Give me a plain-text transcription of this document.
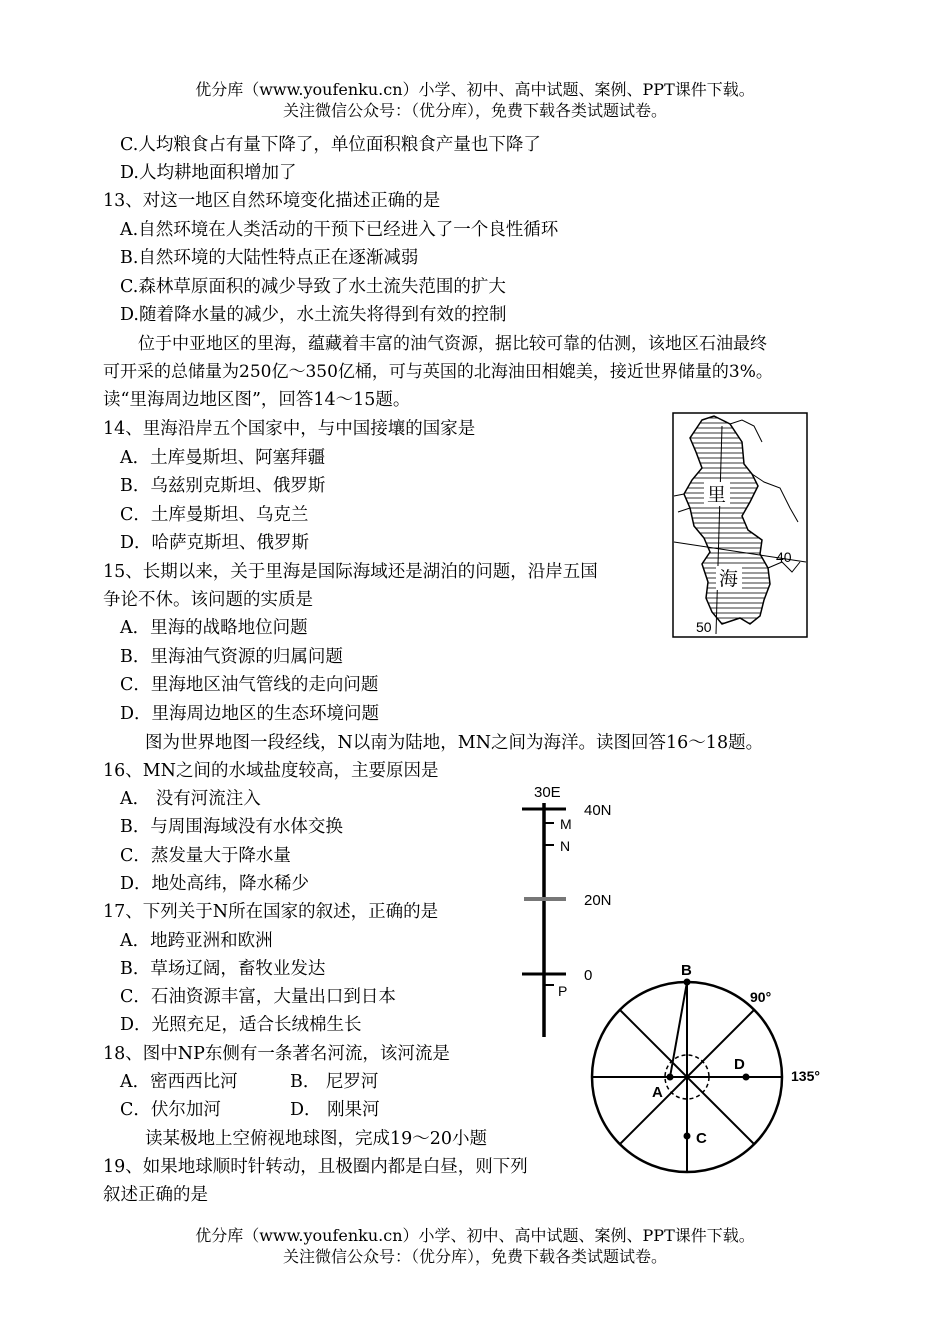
优分库（www.youfenku.cn）小学、初中、高中试题、案例、PPT课件下载。
关注微信公众号：（优分库），免费下载各类试题试卷。
C.人均粮食占有量下降了，单位面积粮食产量也下降了
D.人均耕地面积增加了
13、对这一地区自然环境变化描述正确的是
A.自然环境在人类活动的干预下已经进入了一个良性循环
B.自然环境的大陆性特点正在逐渐减弱
C.森林草原面积的减少导致了水土流失范围的扩大
D.随着降水量的减少，水土流失将得到有效的控制
位于中亚地区的里海，蕴藏着丰富的油气资源，据比较可靠的估测，该地区石油最终
可开采的总储量为250亿～350亿桶，可与英国的北海油田相媲美，接近世界储量的3%。
读“里海周边地区图”，回答14～15题。
14、里海沿岸五个国家中，与中国接壤的国家是
A．土库曼斯坦、阿塞拜疆
B．乌兹别克斯坦、俄罗斯
C．土库曼斯坦、乌克兰
D．哈萨克斯坦、俄罗斯
15、长期以来，关于里海是国际海域还是湖泊的问题，沿岸五国
争论不休。该问题的实质是
A．里海的战略地位问题
B．里海油气资源的归属问题
C．里海地区油气管线的走向问题
D．里海周边地区的生态环境问题
里
海
40
50
图为世界地图一段经线，N以南为陆地，MN之间为海洋。读图回答16～18题。
16、MN之间的水域盐度较高，主要原因是
A． 没有河流注入
B．与周围海域没有水体交换
C．蒸发量大于降水量
D．地处高纬，降水稀少
17、下列关于N所在国家的叙述，正确的是
A．地跨亚洲和欧洲
B．草场辽阔，畜牧业发达
C．石油资源丰富，大量出口到日本
D．光照充足，适合长绒棉生长
18、图中NP东侧有一条著名河流，该河流是
A．密西西比河	B． 尼罗河
C．伏尔加河	D． 刚果河
30E
40N
M
N
20N
0
P
读某极地上空俯视地球图，完成19～20小题
19、如果地球顺时针转动，且极圈内都是白昼，则下列
叙述正确的是
B
A
C
D
90°
135°
优分库（www.youfenku.cn）小学、初中、高中试题、案例、PPT课件下载。
关注微信公众号：（优分库），免费下载各类试题试卷。
